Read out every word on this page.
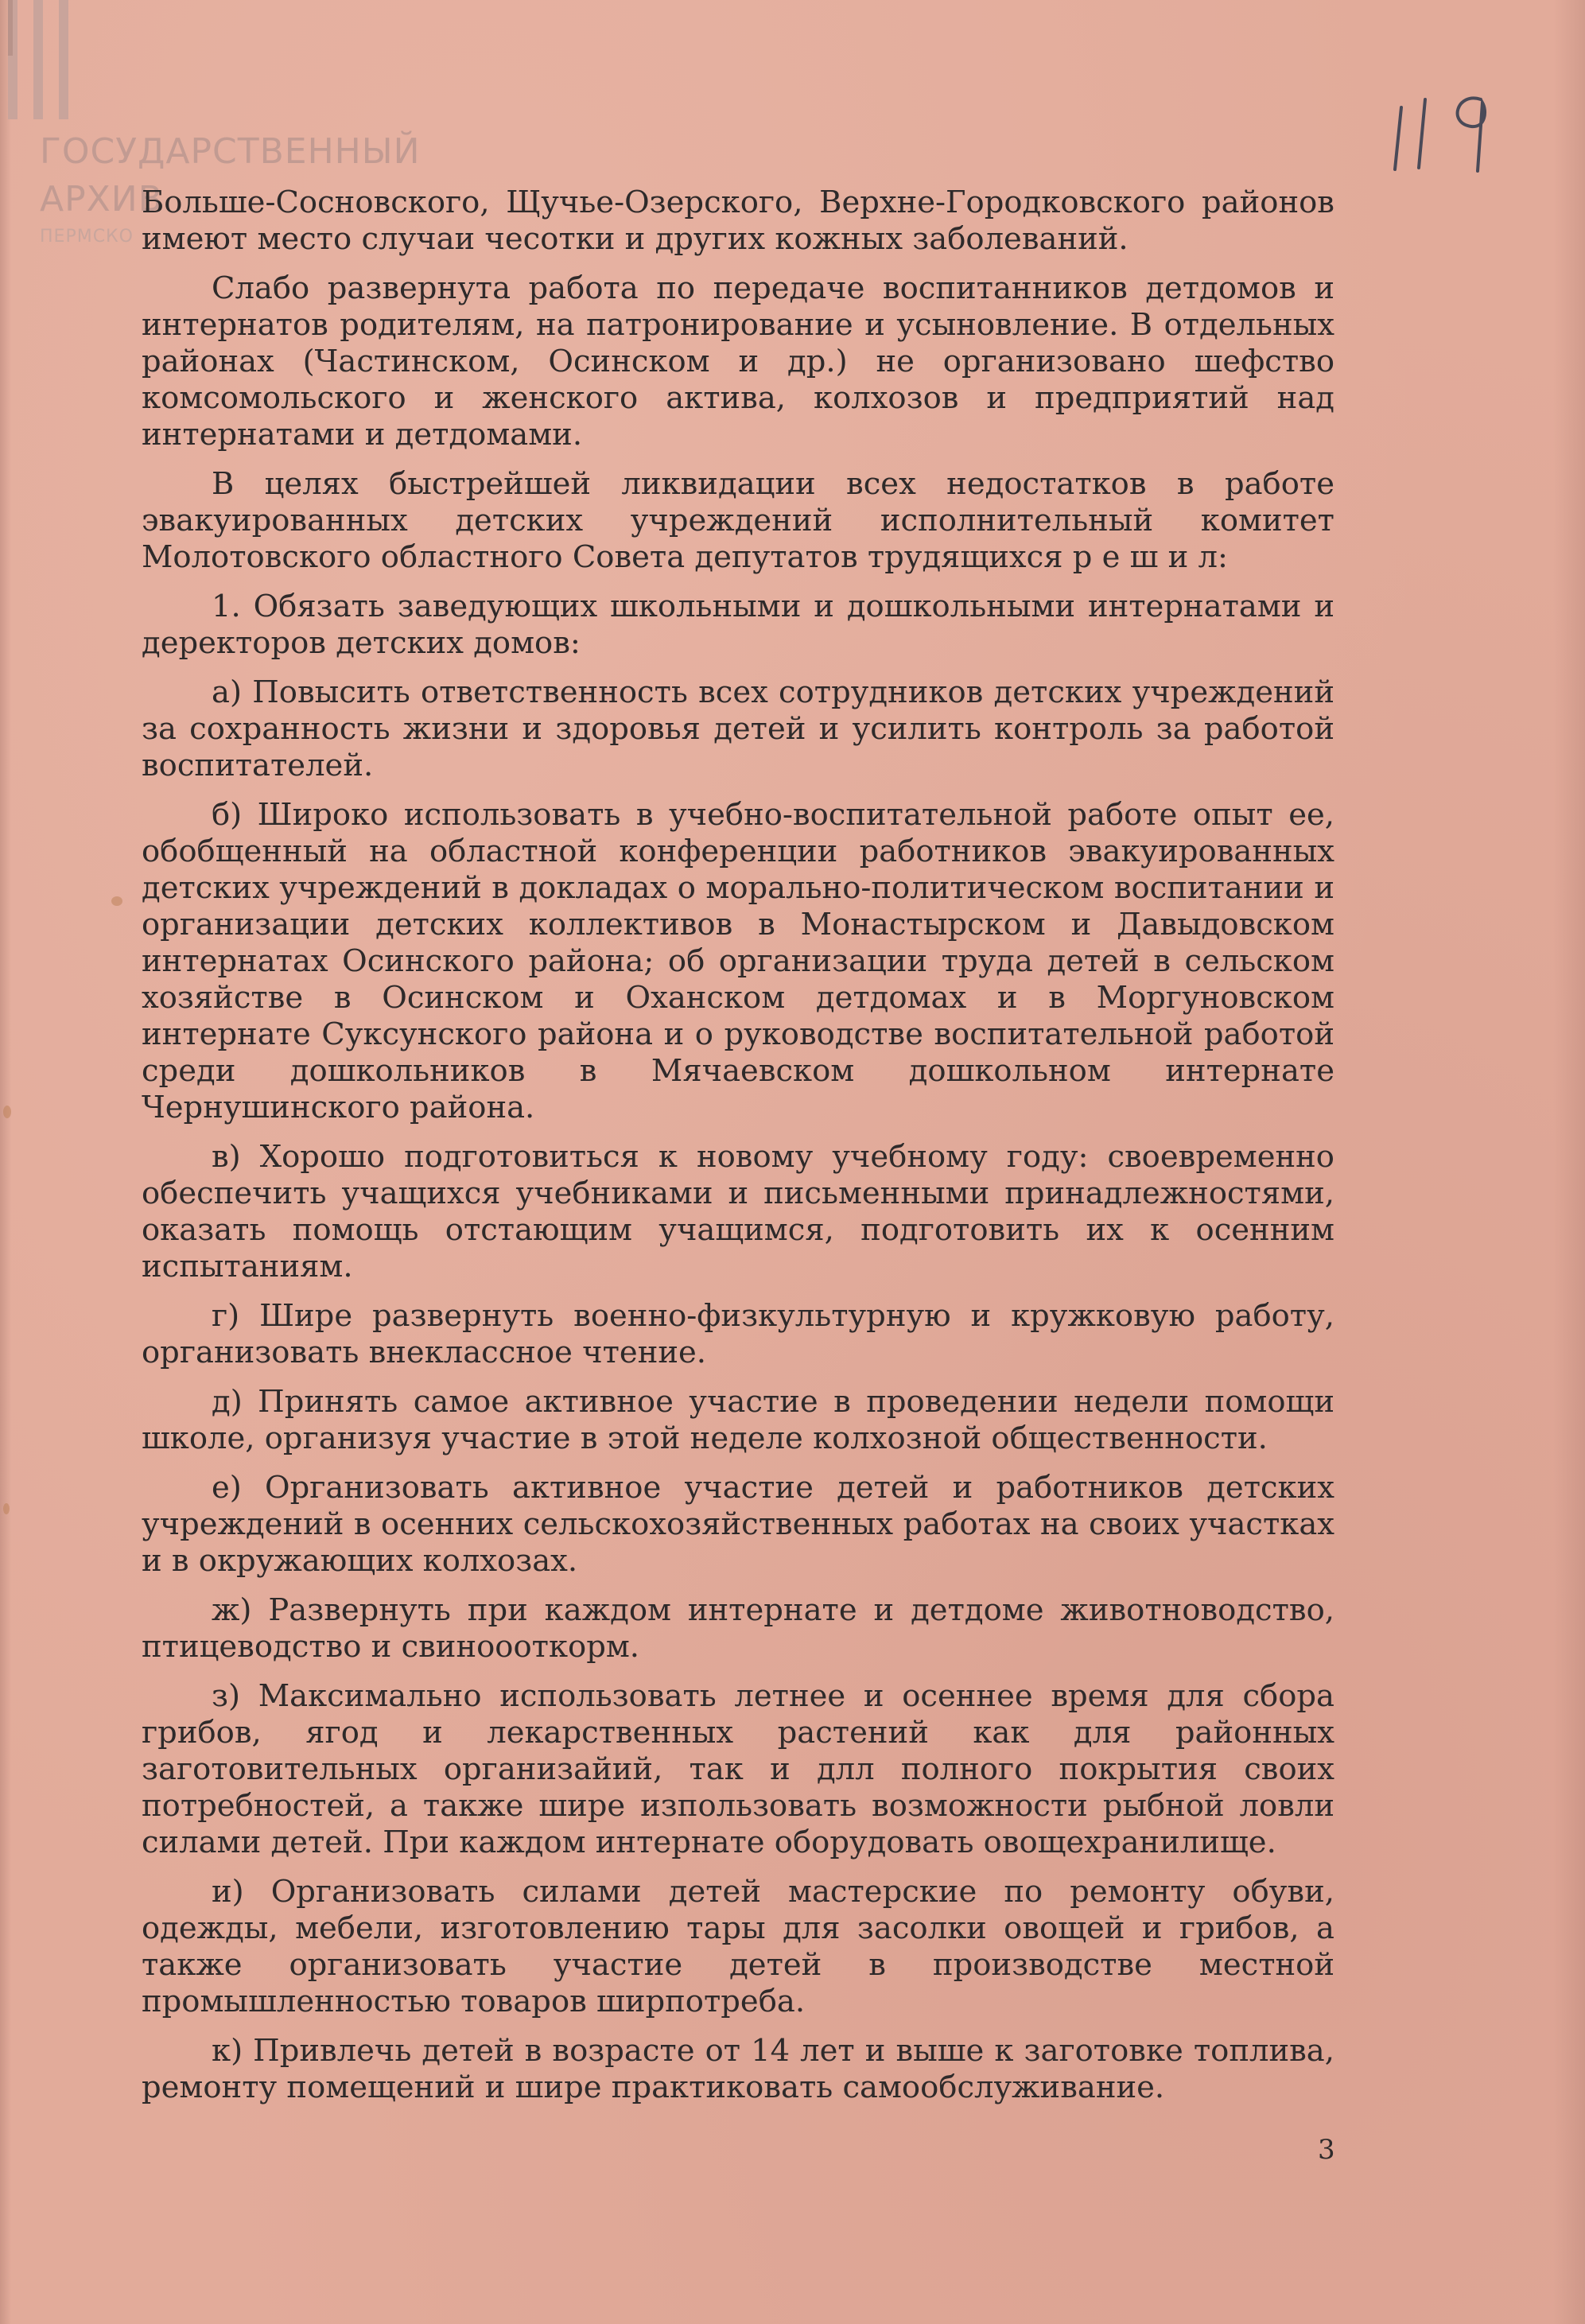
ГОСУДАРСТВЕННЫЙ
АРХИВ
ПЕРМСКО

Больше-Сосновского, Щучье-Озерского, Верхне-Городковского районов имеют место случаи чесотки и других кожных заболеваний.

Слабо развернута работа по передаче воспитанников детдомов и интернатов родителям, на патронирование и усыновление. В отдельных районах (Частинском, Осинском и др.) не организовано шефство комсомольского и женского актива, колхозов и предприятий над интернатами и детдомами.

В целях быстрейшей ликвидации всех недостатков в работе эвакуированных детских учреждений исполнительный комитет Молотовского областного Совета депутатов трудящихся р е ш и л:

1. Обязать заведующих школьными и дошкольными интернатами и деректоров детских домов:

а) Повысить ответственность всех сотрудников детских учреждений за сохранность жизни и здоровья детей и усилить контроль за работой воспитателей.

б) Широко использовать в учебно-воспитательной работе опыт ее, обобщенный на областной конференции работников эвакуированных детских учреждений в докладах о морально-политическом воспитании и организации детских коллективов в Монастырском и Давыдовском интернатах Осинского района; об организации труда детей в сельском хозяйстве в Осинском и Оханском детдомах и в Моргуновском интернате Суксунского района и о руководстве воспитательной работой среди дошкольников в Мячаевском дошкольном интернате Чернушинского района.

в) Хорошо подготовиться к новому учебному году: своевременно обеспечить учащихся учебниками и письменными принадлежностями, оказать помощь отстающим учащимся, подготовить их к осенним испытаниям.

г) Шире развернуть военно-физкультурную и кружковую работу, организовать внеклассное чтение.

д) Принять самое активное участие в проведении недели помощи школе, организуя участие в этой неделе колхозной общественности.

е) Организовать активное участие детей и работников детских учреждений в осенних сельскохозяйственных работах на своих участках и в окружающих колхозах.

ж) Развернуть при каждом интернате и детдоме животноводство, птицеводство и свиноооткорм.

з) Максимально использовать летнее и осеннее время для сбора грибов, ягод и лекарственных растений как для районных заготовительных организайий, так и длл полного покрытия своих потребностей, а также шире изпользовать возможности рыбной ловли силами детей. При каждом интернате оборудовать овощехранилище.

и) Организовать силами детей мастерские по ремонту обуви, одежды, мебели, изготовлению тары для засолки овощей и грибов, а также организовать участие детей в производстве местной промышленностью товаров ширпотреба.

к) Привлечь детей в возрасте от 14 лет и выше к заготовке топлива, ремонту помещений и шире практиковать самообслуживание.

3
